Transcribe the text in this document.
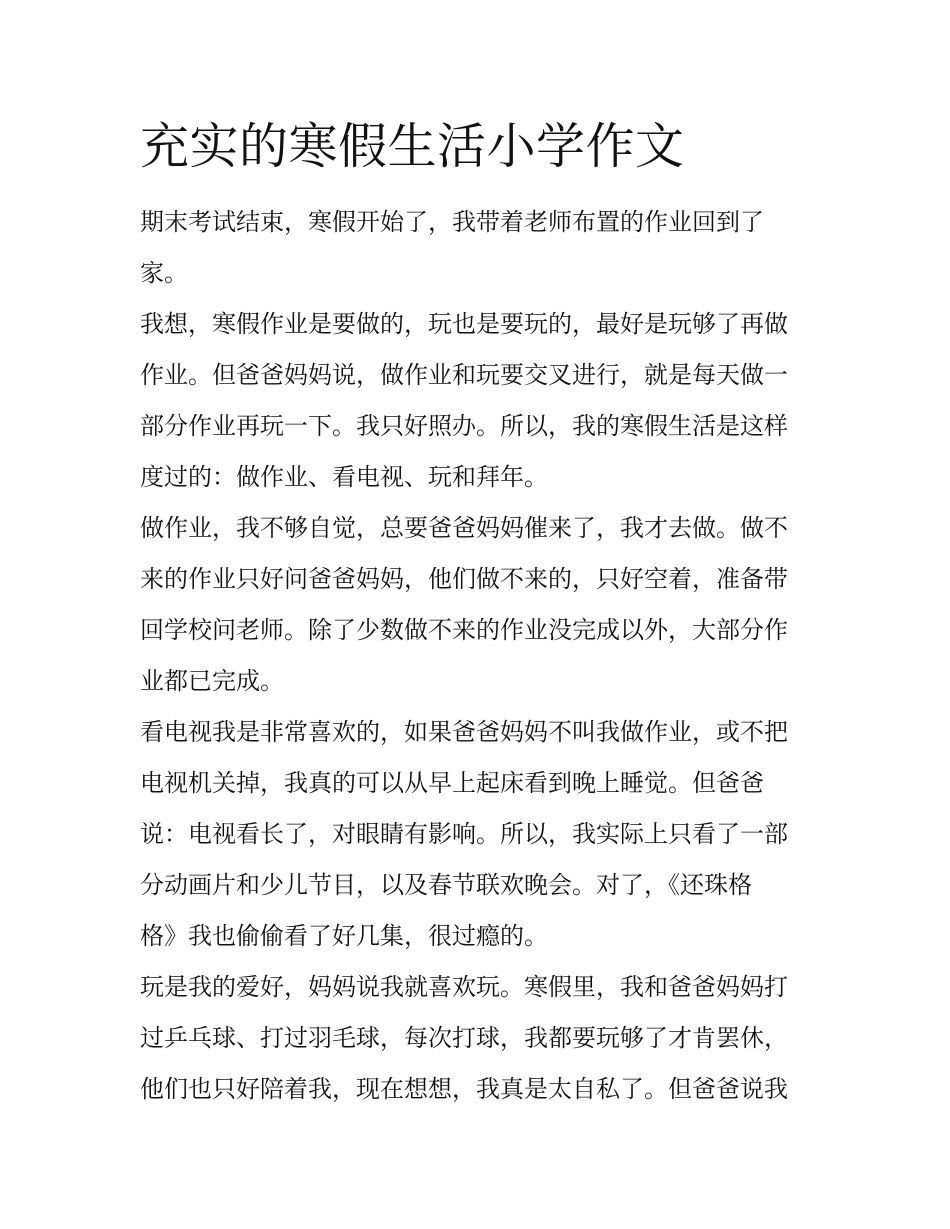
充实的寒假生活小学作文
期末考试结束，寒假开始了，我带着老师布置的作业回到了
家。
我想，寒假作业是要做的，玩也是要玩的，最好是玩够了再做
作业。但爸爸妈妈说，做作业和玩要交叉进行，就是每天做一
部分作业再玩一下。我只好照办。所以，我的寒假生活是这样
度过的：做作业、看电视、玩和拜年。
做作业，我不够自觉，总要爸爸妈妈催来了，我才去做。做不
来的作业只好问爸爸妈妈，他们做不来的，只好空着，准备带
回学校问老师。除了少数做不来的作业没完成以外，大部分作
业都已完成。
看电视我是非常喜欢的，如果爸爸妈妈不叫我做作业，或不把
电视机关掉，我真的可以从早上起床看到晚上睡觉。但爸爸
说：电视看长了，对眼睛有影响。所以，我实际上只看了一部
分动画片和少儿节目，以及春节联欢晚会。对了，《还珠格
格》我也偷偷看了好几集，很过瘾的。
玩是我的爱好，妈妈说我就喜欢玩。寒假里，我和爸爸妈妈打
过乒乓球、打过羽毛球，每次打球，我都要玩够了才肯罢休，
他们也只好陪着我，现在想想，我真是太自私了。但爸爸说我
